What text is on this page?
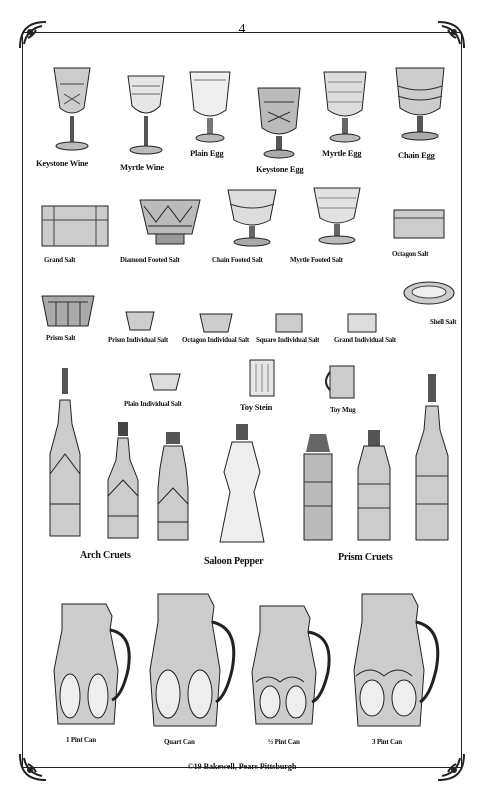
4
Keystone Wine	Myrtle Wine
Plain Egg
Keystone Egg
Myrtle Egg	Chain Egg
Grand Salt	Diamond Footed Salt	Chain Footed Salt	Myrtle Footed Salt
Octagon Salt
Prism Salt	Prism Individual Salt Octagon Individual Salt Square Individual Salt Grand Individual Salt
Shell Salt
Plain Individual Salt	Toy Stein	Toy Mug
Arch Cruets
Saloon Pepper	Prism Cruets
1 Pint Can	Quart Can	½ Pint Can	3 Pint Can
©19 Bakewell, Pears Pittsburgh
